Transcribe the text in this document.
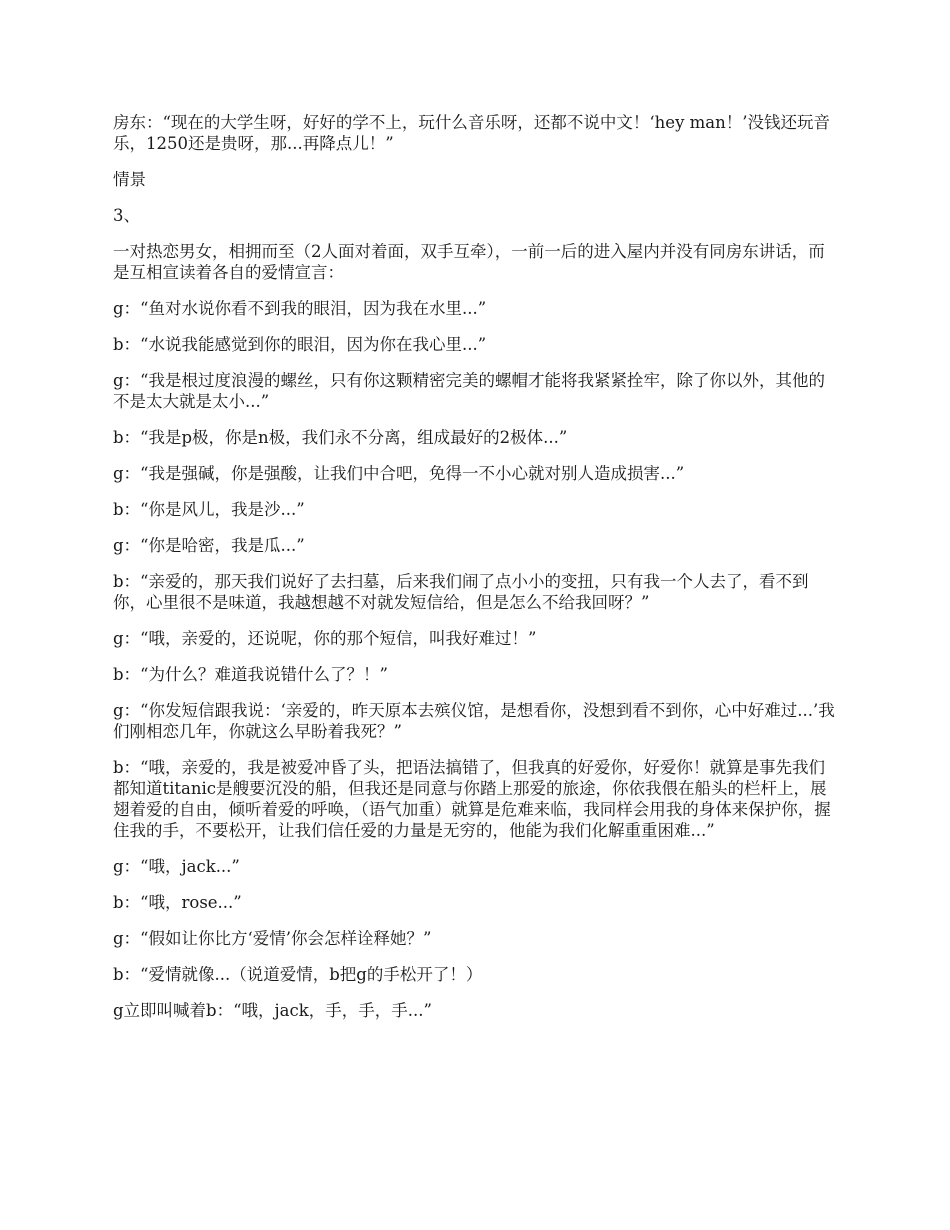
房东：“现在的大学生呀，好好的学不上，玩什么音乐呀，还都不说中文！‘hey man！’没钱还玩音乐，1250还是贵呀，那...再降点儿！”

情景

3、

一对热恋男女，相拥而至（2人面对着面，双手互牵），一前一后的进入屋内并没有同房东讲话，而是互相宣读着各自的爱情宣言：

g：“鱼对水说你看不到我的眼泪，因为我在水里...”

b：“水说我能感觉到你的眼泪，因为你在我心里...”

g：“我是根过度浪漫的螺丝，只有你这颗精密完美的螺帽才能将我紧紧拴牢，除了你以外，其他的不是太大就是太小...”

b：“我是p极，你是n极，我们永不分离，组成最好的2极体...”

g：“我是强碱，你是强酸，让我们中合吧，免得一不小心就对别人造成损害...”

b：“你是风儿，我是沙...”

g：“你是哈密，我是瓜...”

b：“亲爱的，那天我们说好了去扫墓，后来我们闹了点小小的变扭，只有我一个人去了，看不到你，心里很不是味道，我越想越不对就发短信给，但是怎么不给我回呀？”

g：“哦，亲爱的，还说呢，你的那个短信，叫我好难过！”

b：“为什么？难道我说错什么了？！”

g：“你发短信跟我说：‘亲爱的，昨天原本去殡仪馆，是想看你，没想到看不到你，心中好难过...’我们刚相恋几年，你就这么早盼着我死？”

b：“哦，亲爱的，我是被爱冲昏了头，把语法搞错了，但我真的好爱你，好爱你！就算是事先我们都知道titanic是艘要沉没的船，但我还是同意与你踏上那爱的旅途，你依我偎在船头的栏杆上，展翅着爱的自由，倾听着爱的呼唤，（语气加重）就算是危难来临，我同样会用我的身体来保护你，握住我的手，不要松开，让我们信任爱的力量是无穷的，他能为我们化解重重困难...”

g：“哦，jack...”

b：“哦，rose...”

g：“假如让你比方‘爱情’你会怎样诠释她？”

b：“爱情就像...（说道爱情，b把g的手松开了！）

g立即叫喊着b：“哦，jack，手，手，手...”
